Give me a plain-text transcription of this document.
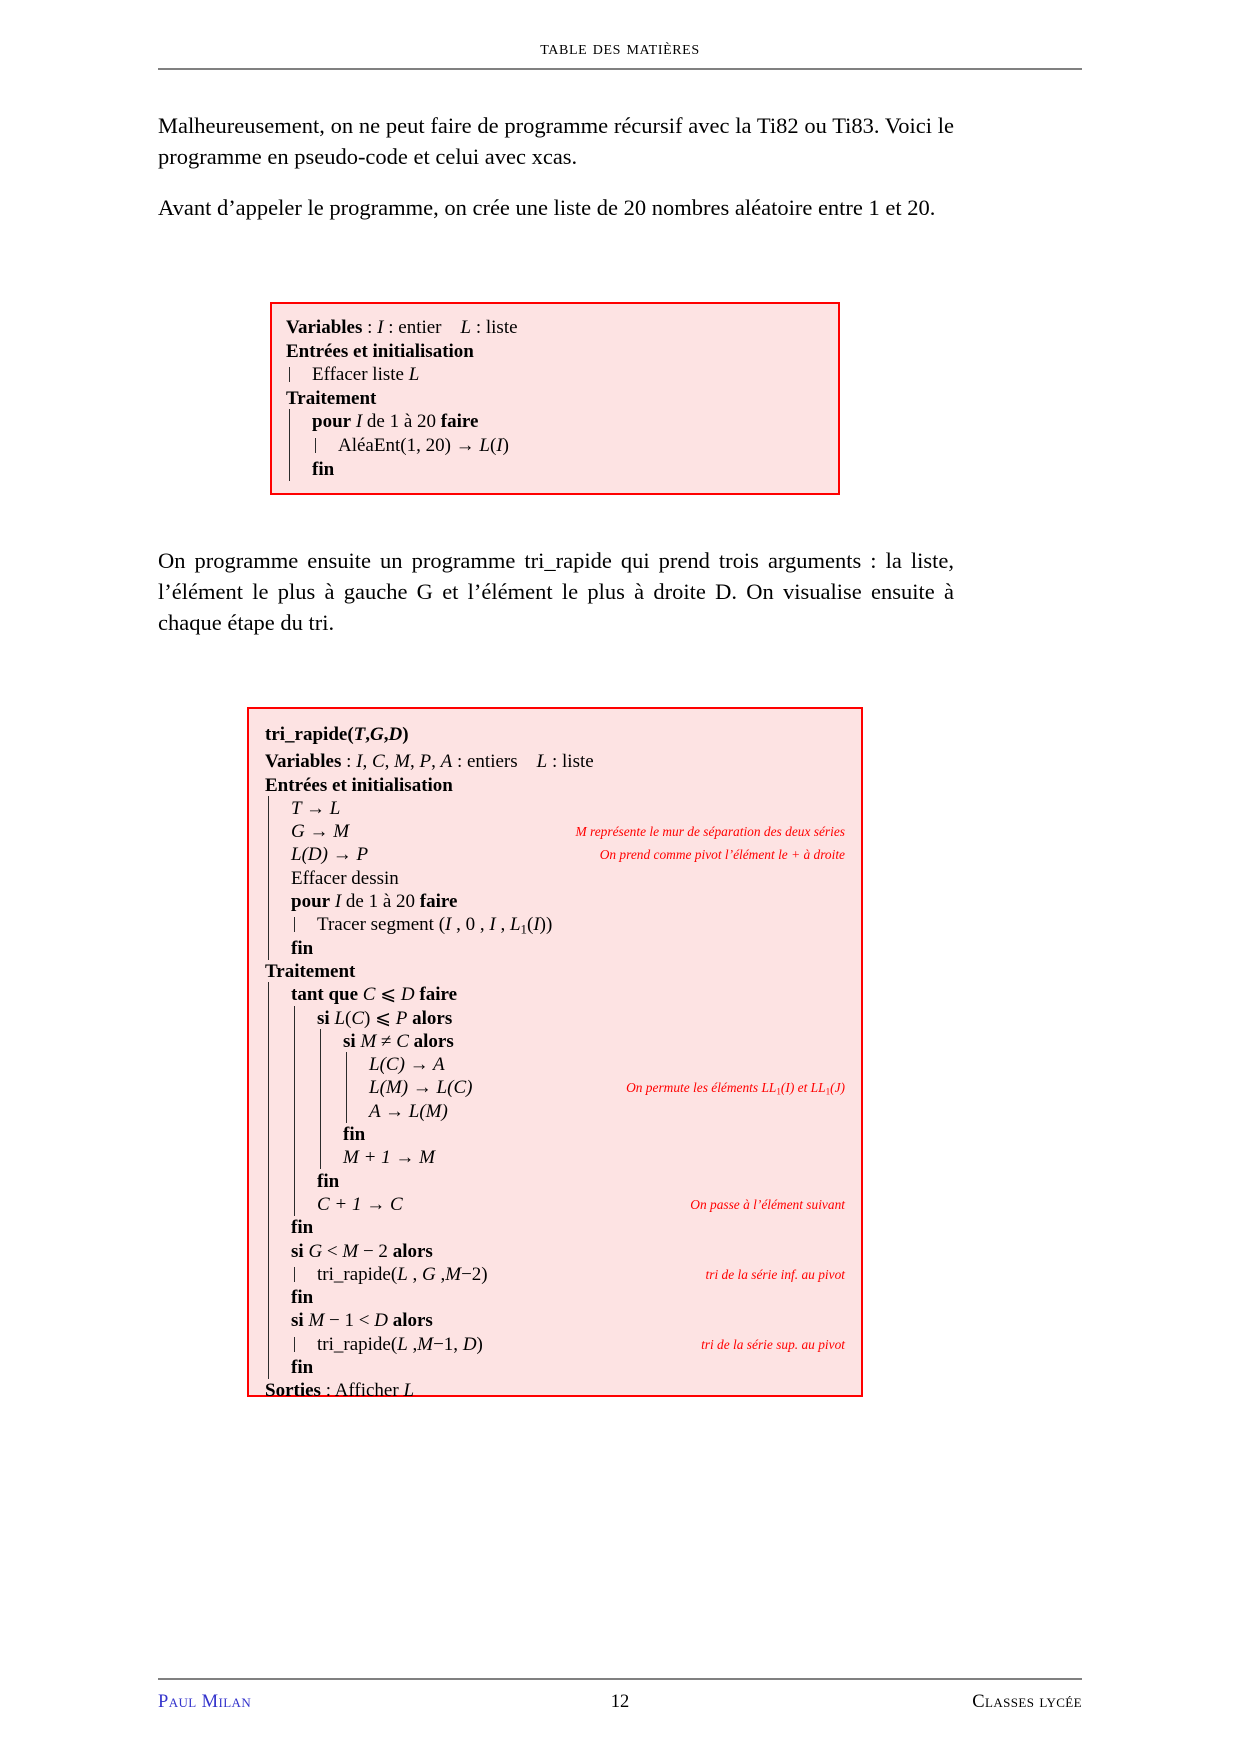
table des matières
Malheureusement, on ne peut faire de programme récursif avec la Ti82 ou Ti83. Voici le programme en pseudo-code et celui avec xcas.
Avant d’appeler le programme, on crée une liste de 20 nombres aléatoire entre 1 et 20.
On programme ensuite un programme tri_rapide qui prend trois arguments : la liste, l’élément le plus à gauche G et l’élément le plus à droite D. On visualise ensuite à chaque étape du tri.
Variables : I : entier    L : liste
Entrées et initialisation
Effacer liste L
Traitement
pour I de 1 à 20 faire
AléaEnt(1, 20) → L(I)
fin
tri_rapide(T,G,D)
Variables : I, C, M, P, A : entiers    L : liste
Entrées et initialisation
T → L
G → M	M représente le mur de séparation des deux séries
L(D) → P	On prend comme pivot l’élément le + à droite
Effacer dessin
pour I de 1 à 20 faire
Tracer segment (I , 0 , I , $L_1(I)$)
fin
Traitement
tant que C ⩽ D faire
si L(C) ⩽ P alors
si M ≠ C alors
L(C) → A
L(M) → L(C)	On permute les éléments $LL_1(I)$ et $LL_1(J)$
A → L(M)
fin
M + 1 → M
fin
C + 1 → C	On passe à l’élément suivant
fin
si G < M − 2 alors
tri_rapide(L , G ,M−2)	tri de la série inf. au pivot
fin
si M − 1 < D alors
tri_rapide(L ,M−1, D)	tri de la série sup. au pivot
fin
Sorties : Afficher L
Paul Milan	12	Classes lycée
